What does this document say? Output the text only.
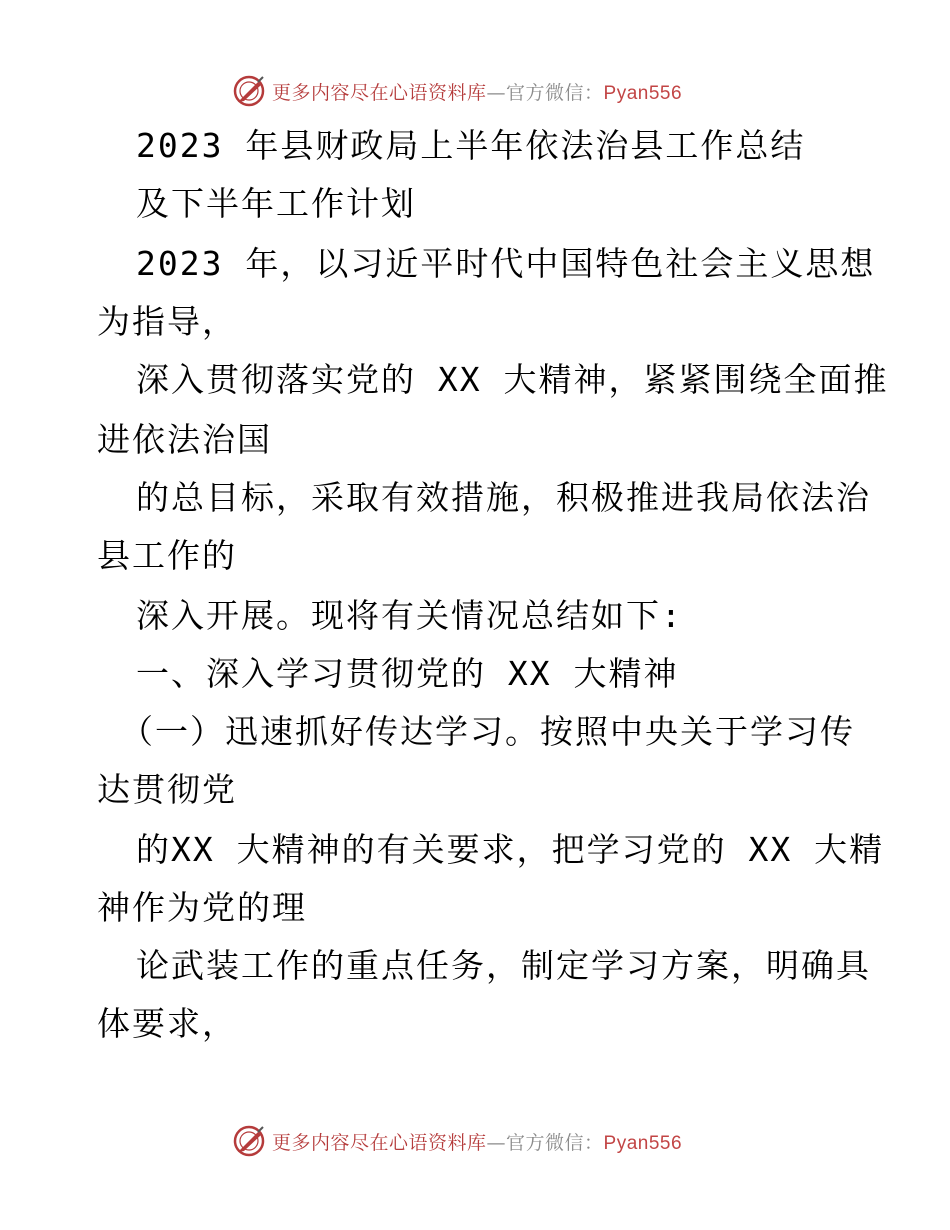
更多内容尽在心语资料库—官方微信：Pyan556
2023 年县财政局上半年依法治县工作总结
及下半年工作计划
2023 年，以习近平时代中国特色社会主义思想
为指导，
深入贯彻落实党的 XX 大精神，紧紧围绕全面推
进依法治国
的总目标，采取有效措施，积极推进我局依法治
县工作的
深入开展。现将有关情况总结如下:
一、深入学习贯彻党的 XX 大精神
（一）迅速抓好传达学习。按照中央关于学习传
达贯彻党
的XX 大精神的有关要求，把学习党的 XX 大精
神作为党的理
论武装工作的重点任务，制定学习方案，明确具
体要求，
更多内容尽在心语资料库—官方微信：Pyan556
